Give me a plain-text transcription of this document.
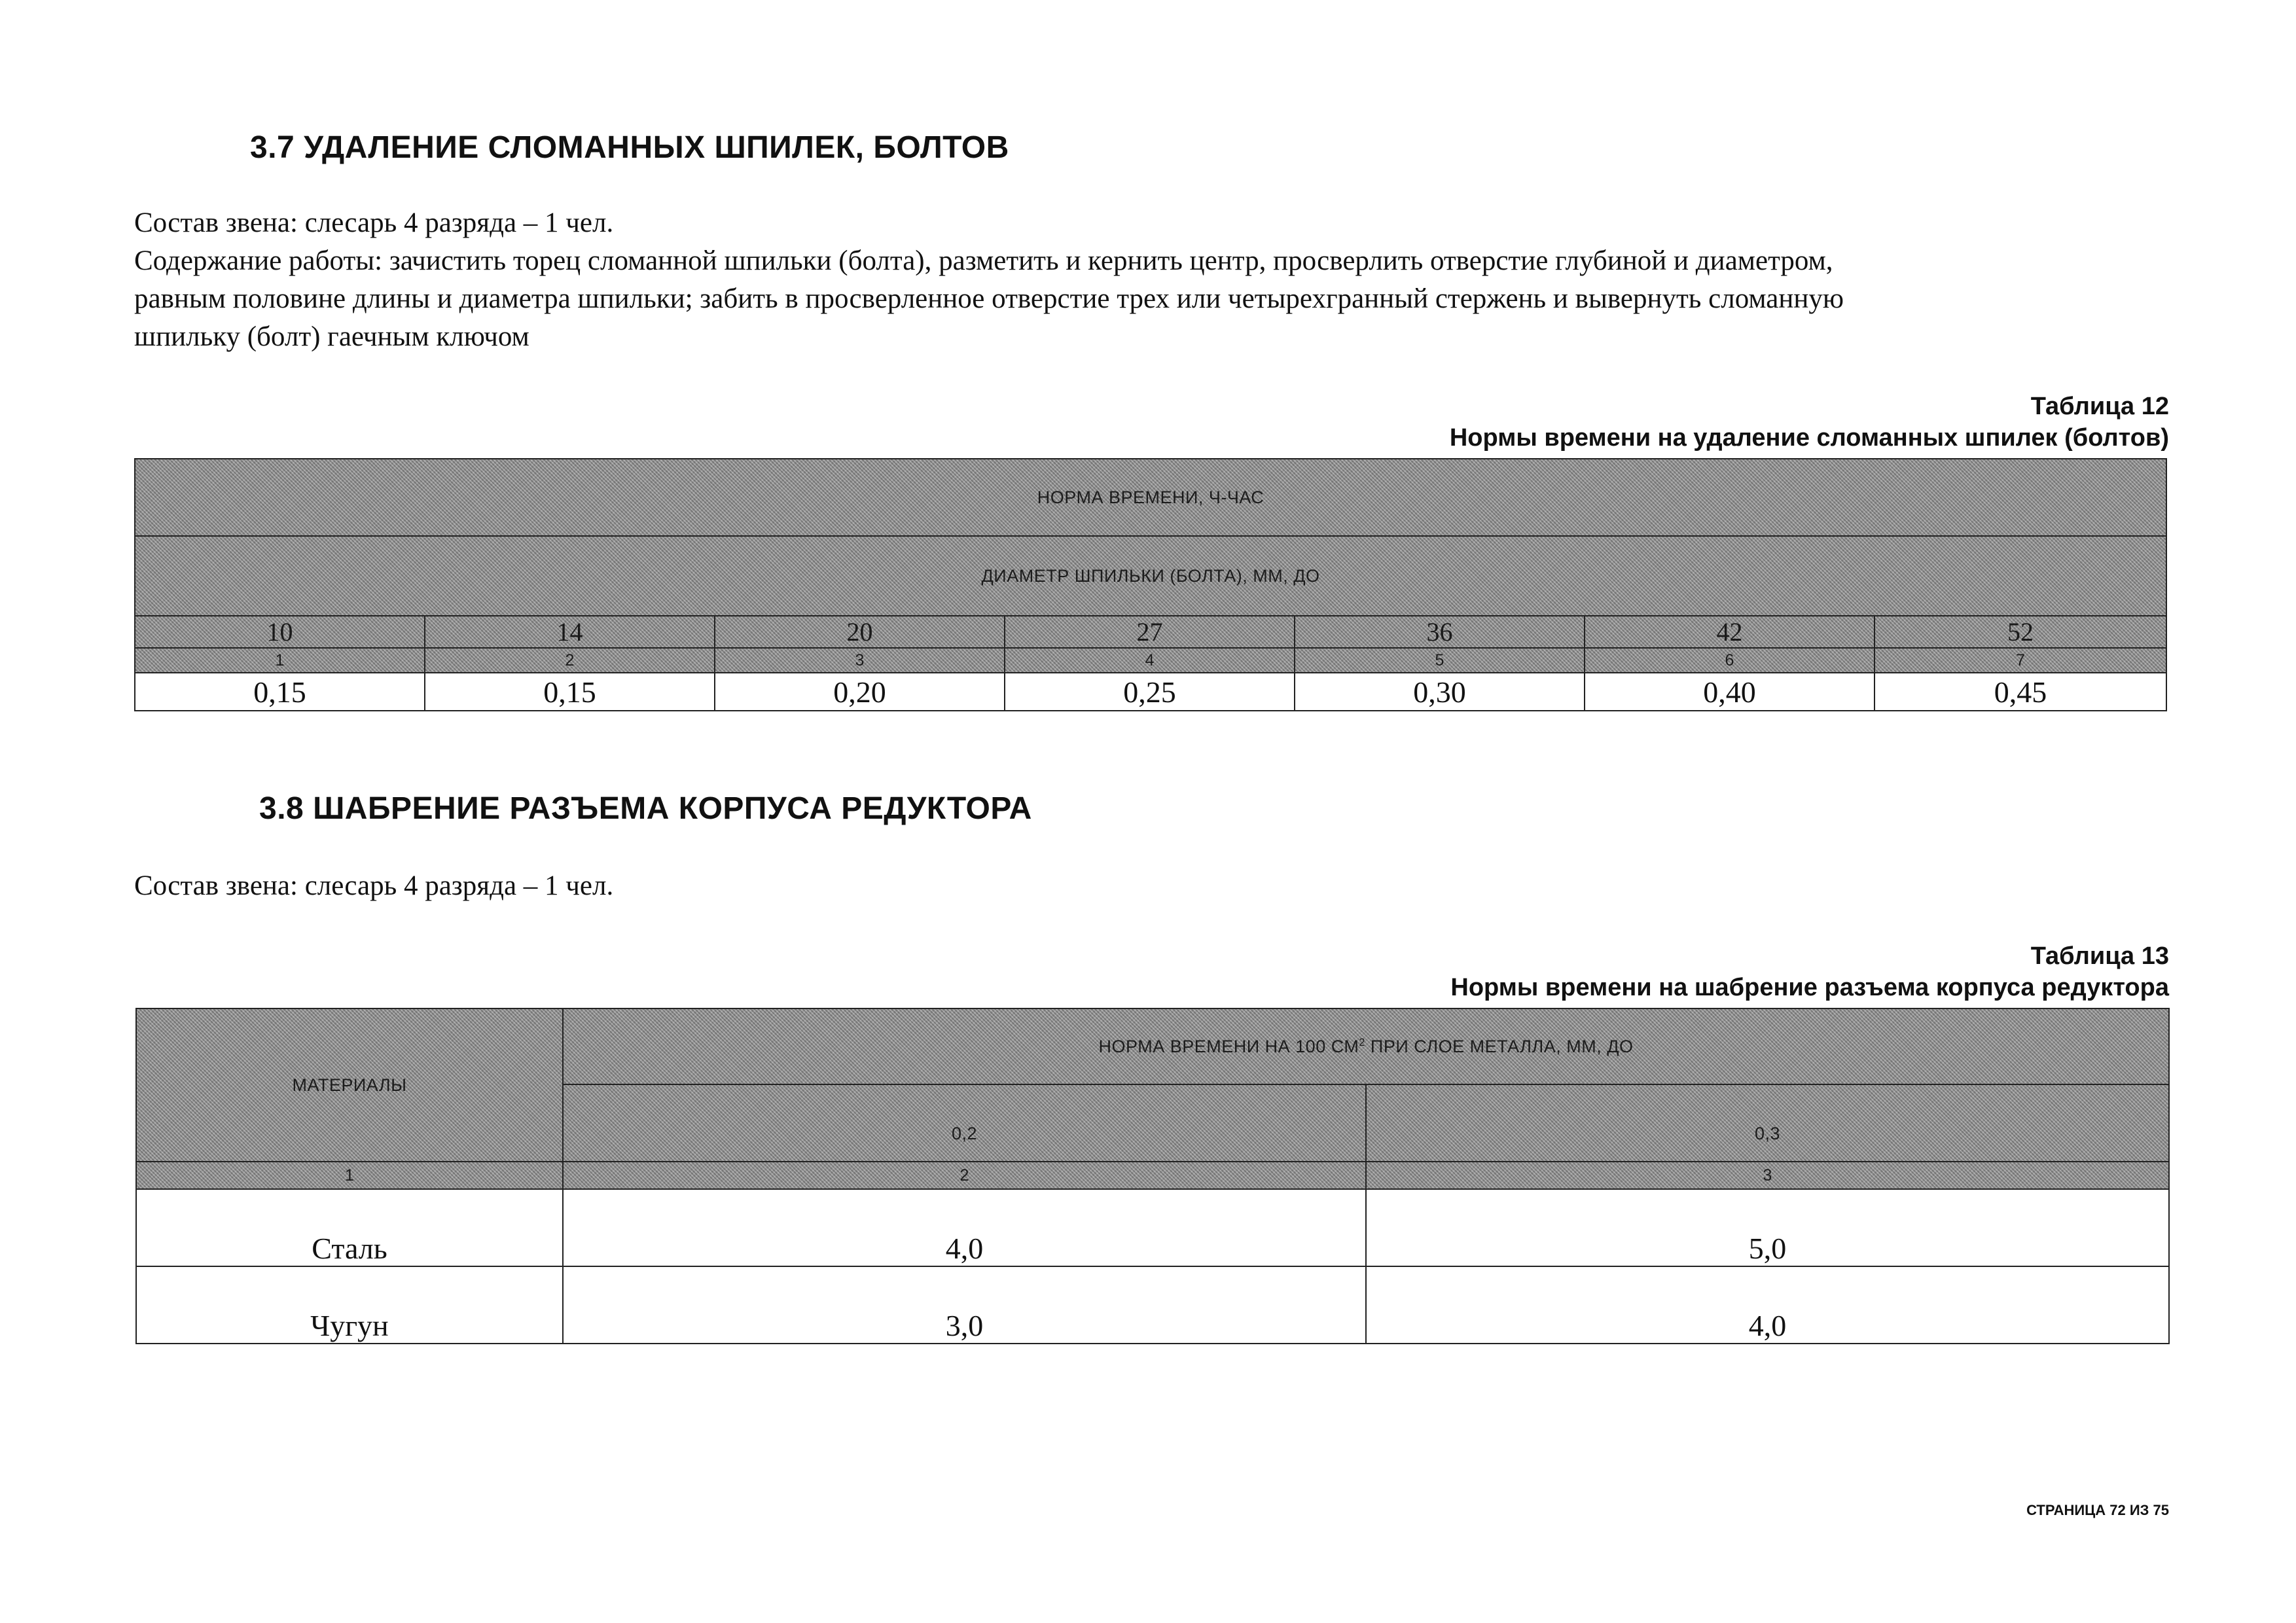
3.7 УДАЛЕНИЕ СЛОМАННЫХ ШПИЛЕК, БОЛТОВ

Состав звена: слесарь 4 разряда – 1 чел.

Содержание работы: зачистить торец сломанной шпильки (болта), разметить и кернить центр, просверлить отверстие глубиной и диаметром,

равным половине длины и диаметра шпильки; забить в просверленное отверстие трех или четырехгранный стержень и вывернуть сломанную

шпильку (болт) гаечным ключом

Таблица 12

Нормы времени на удаление сломанных шпилек (болтов)

НОРМА ВРЕМЕНИ, Ч-ЧАС						
ДИАМЕТР ШПИЛЬКИ (БОЛТА), ММ, ДО						
10	14	20	27	36	42	52
1	2	3	4	5	6	7
0,15	0,15	0,20	0,25	0,30	0,40	0,45
3.8 ШАБРЕНИЕ РАЗЪЕМА КОРПУСА РЕДУКТОРА

Состав звена: слесарь 4 разряда – 1 чел.

Таблица 13

Нормы времени на шабрение разъема корпуса редуктора

МАТЕРИАЛЫ	НОРМА ВРЕМЕНИ НА 100 $СМ^2$ ПРИ СЛОЕ МЕТАЛЛА, ММ, ДО	
	0,2	0,3
1	2	3
Сталь	4,0	5,0
Чугун	3,0	4,0
СТРАНИЦА 72 ИЗ 75
